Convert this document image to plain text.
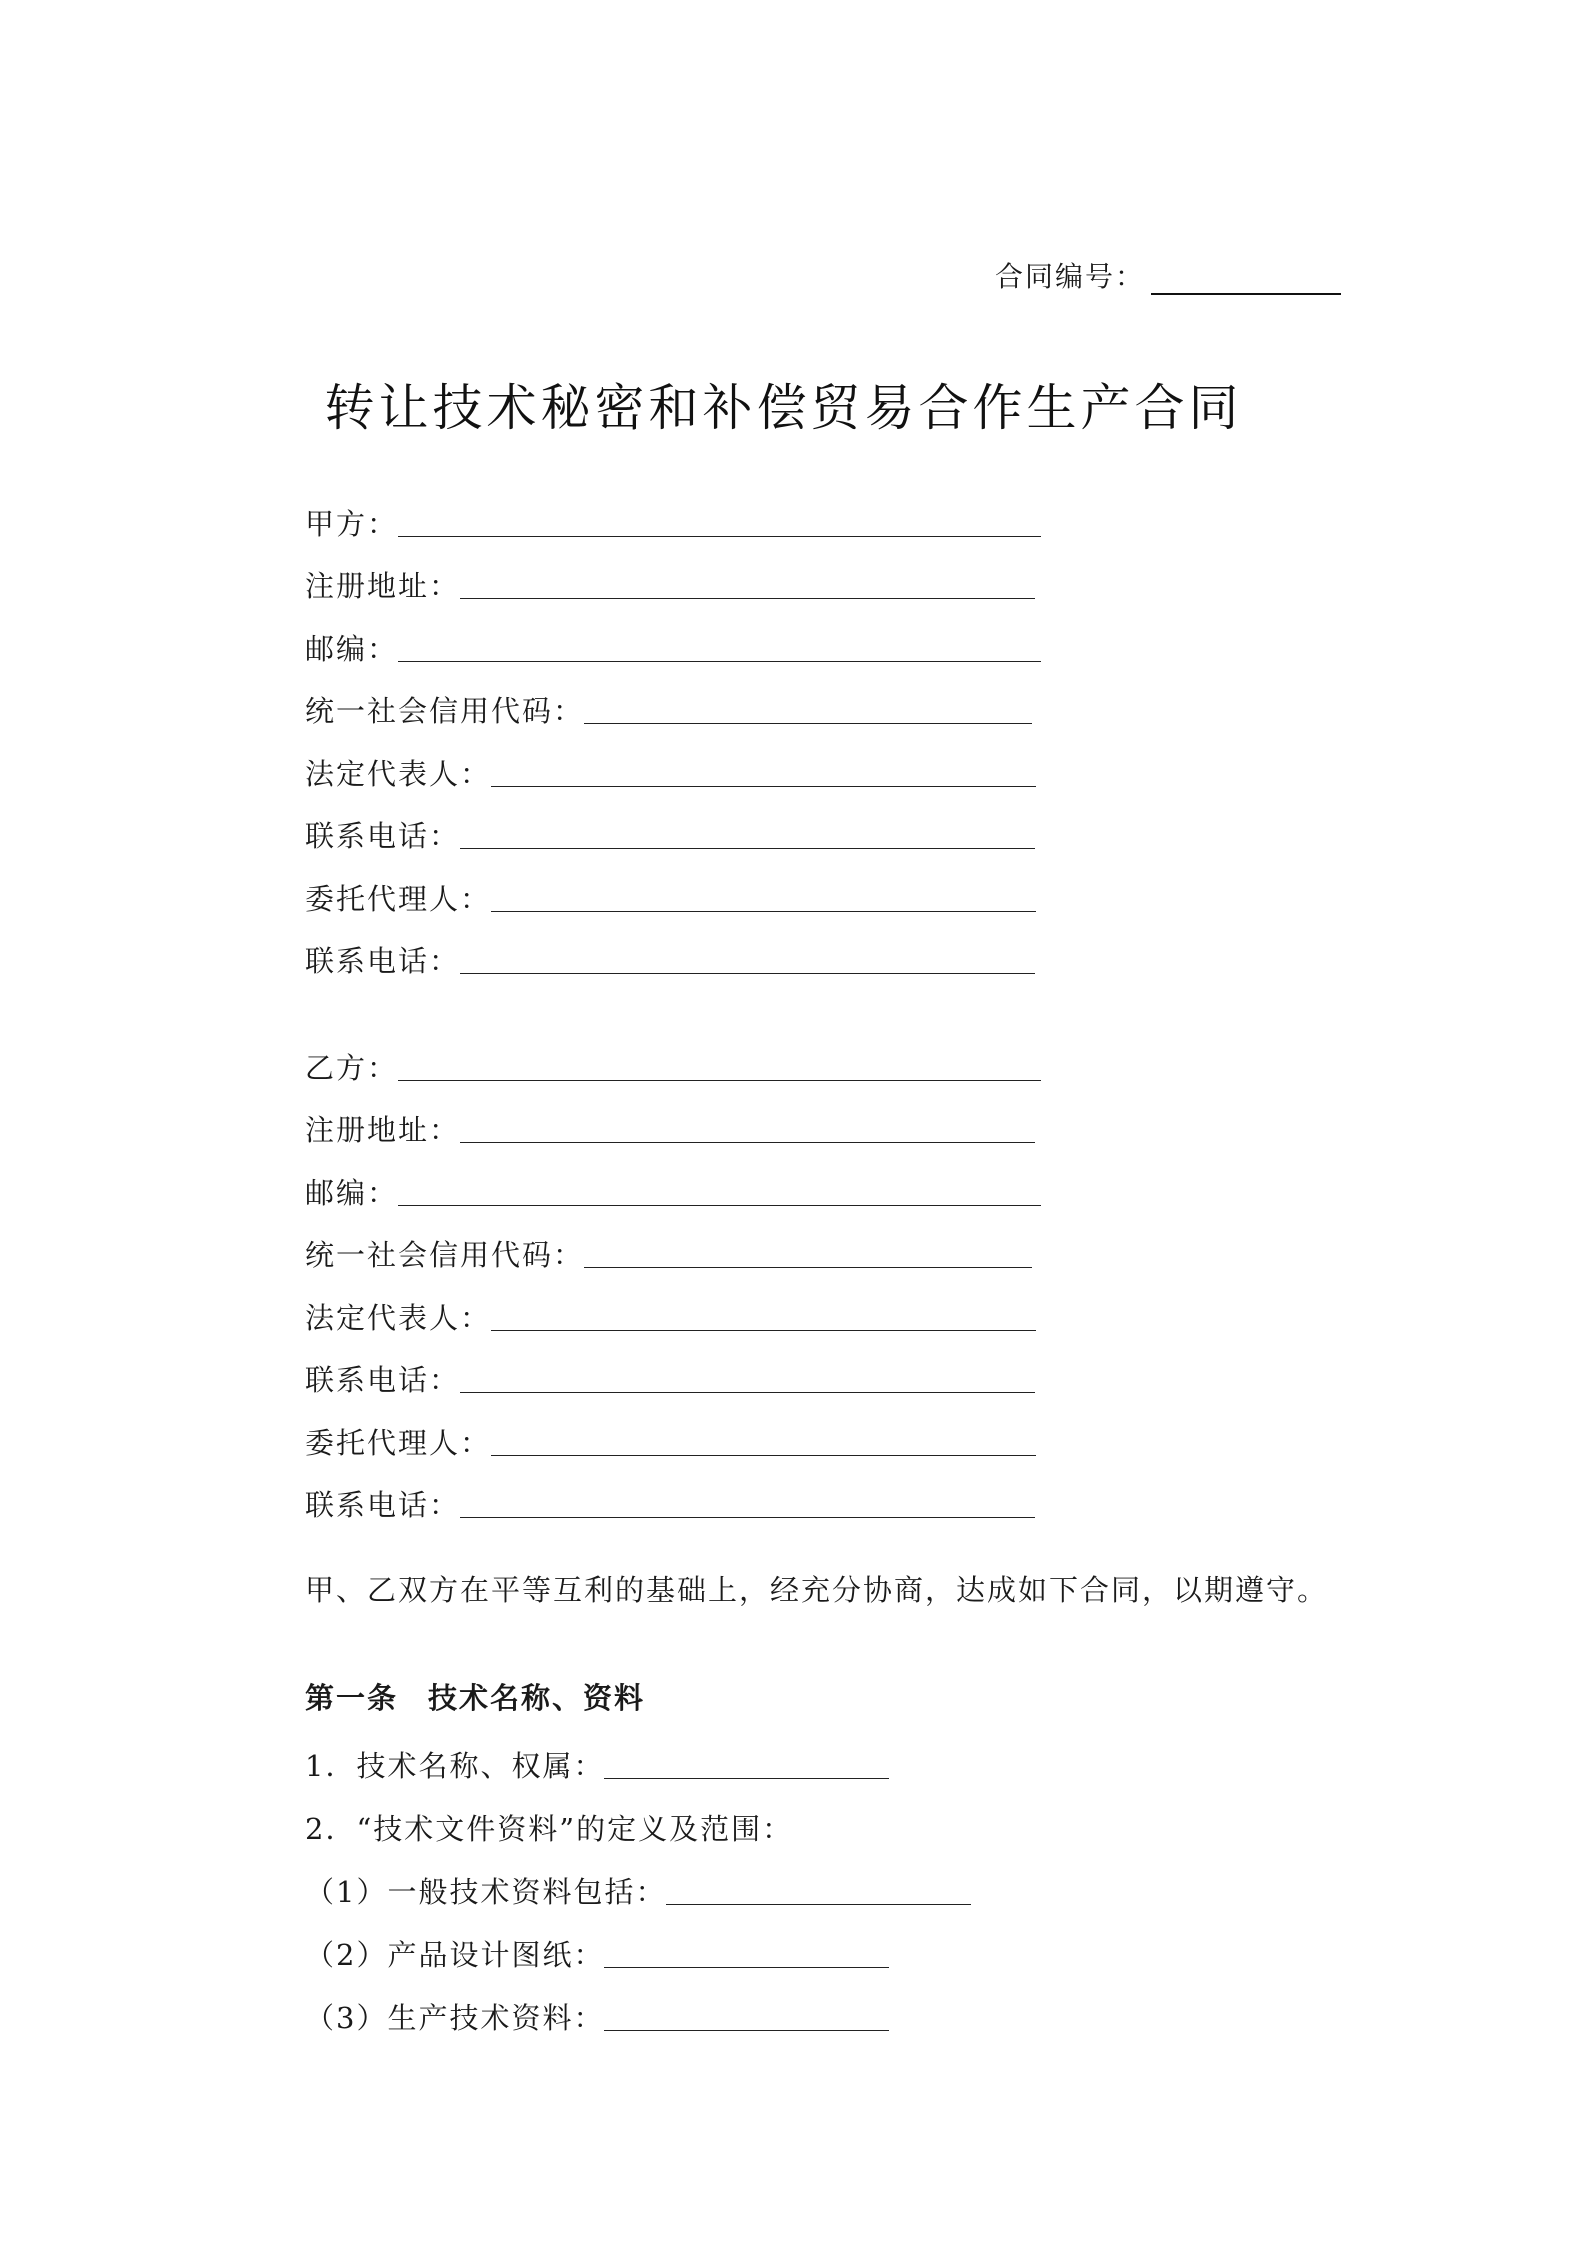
合同编号：
转让技术秘密和补偿贸易合作生产合同
甲方：
注册地址：
邮编：
统一社会信用代码：
法定代表人：
联系电话：
委托代理人：
联系电话：
乙方：
注册地址：
邮编：
统一社会信用代码：
法定代表人：
联系电话：
委托代理人：
联系电话：
甲、乙双方在平等互利的基础上，经充分协商，达成如下合同，以期遵守。
第一条 技术名称、资料
1．技术名称、权属：
2．“技术文件资料”的定义及范围：
（1）一般技术资料包括：
（2）产品设计图纸：
（3）生产技术资料：
